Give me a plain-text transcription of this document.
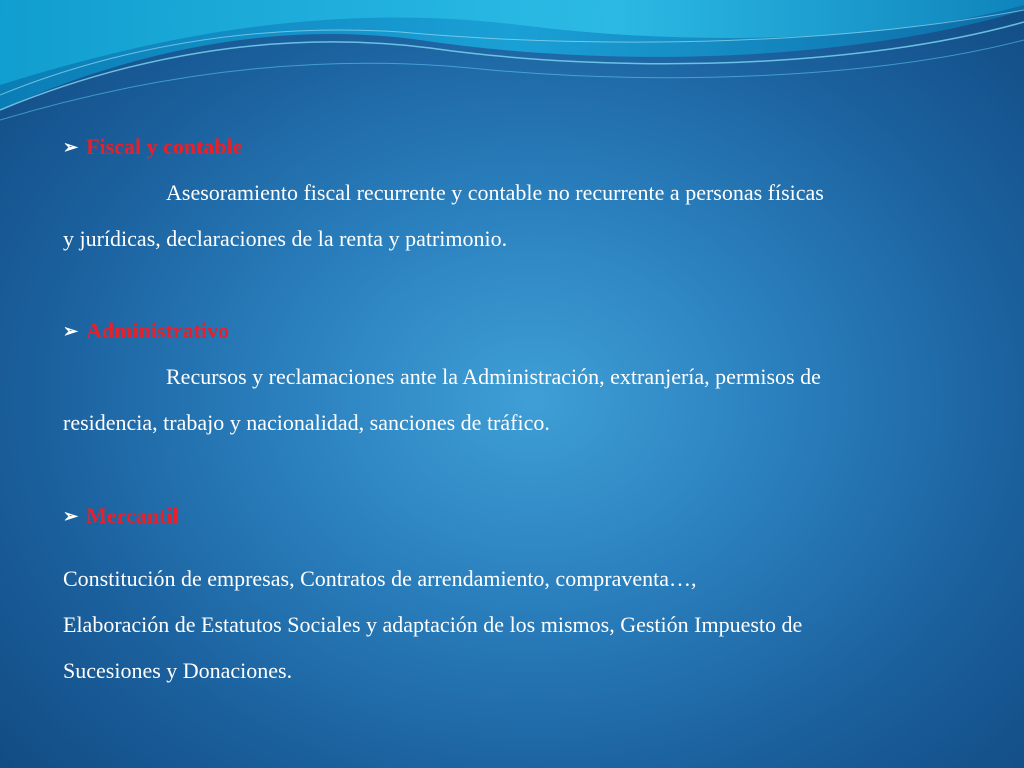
➢ Fiscal y contable
Asesoramiento fiscal recurrente y contable no recurrente a personas físicas
y jurídicas, declaraciones de la renta y patrimonio.
➢ Administrativo
Recursos y reclamaciones ante la Administración, extranjería, permisos de
residencia, trabajo y nacionalidad, sanciones de tráfico.
➢ Mercantil
Constitución de empresas, Contratos de arrendamiento, compraventa…,
Elaboración de Estatutos Sociales y adaptación de los mismos, Gestión Impuesto de
Sucesiones y Donaciones.
